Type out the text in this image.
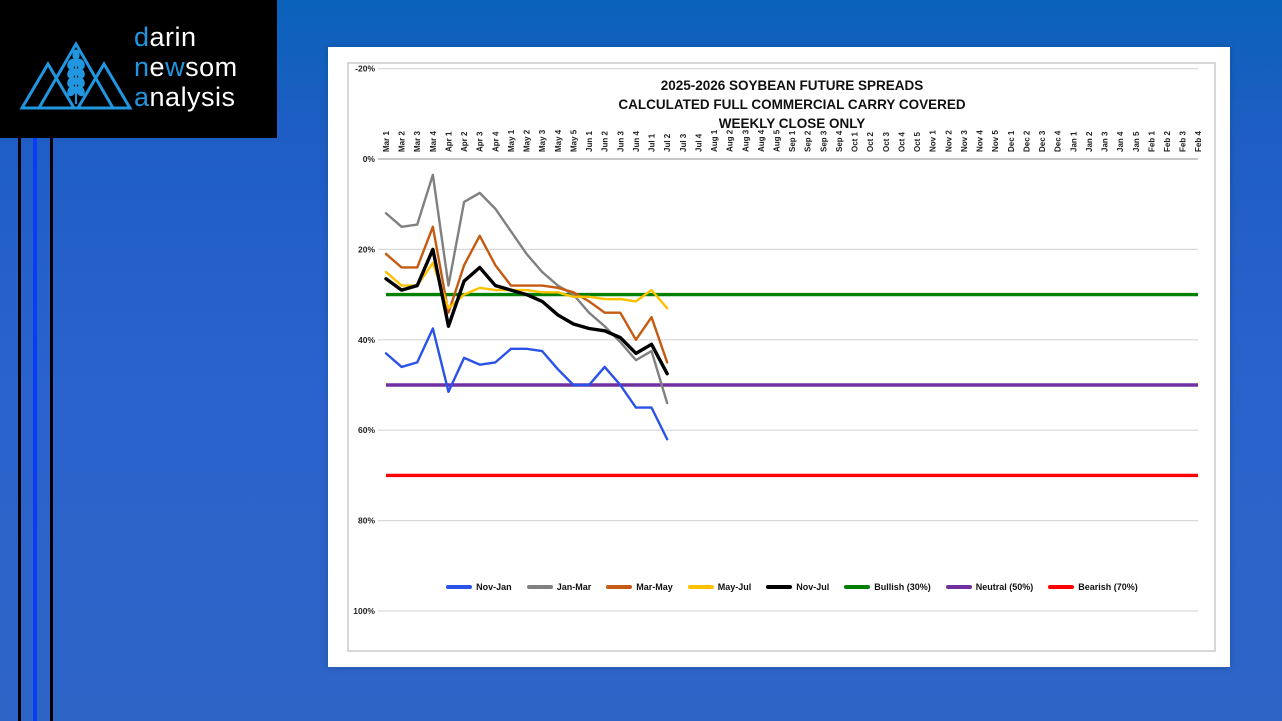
darin
newsom
analysis
-20%
0%
20%
40%
60%
80%
100%
Mar 1 Mar 2 Mar 3 Mar 4 Apr 1 Apr 2 Apr 3 Apr 4 May 1 May 2 May 3 May 4 May 5 Jun 1 Jun 2 Jun 3 Jun 4 Jul 1 Jul 2 Jul 3 Jul 4 Aug 1 Aug 2 Aug 3 Aug 4 Aug 5 Sep 1 Sep 2 Sep 3 Sep 4 Oct 1 Oct 2 Oct 3 Oct 4 Oct 5 Nov 1 Nov 2 Nov 3 Nov 4 Nov 5 Dec 1 Dec 2 Dec 3 Dec 4 Jan 1 Jan 2 Jan 3 Jan 4 Jan 5 Feb 1 Feb 2 Feb 3 Feb 4
2025-2026 SOYBEAN FUTURE SPREADS
CALCULATED FULL COMMERCIAL CARRY COVERED
WEEKLY CLOSE ONLY
Nov-Jan	Jan-Mar	Mar-May	May-Jul	Nov-Jul	Bullish (30%)	Neutral (50%)	Bearish (70%)
